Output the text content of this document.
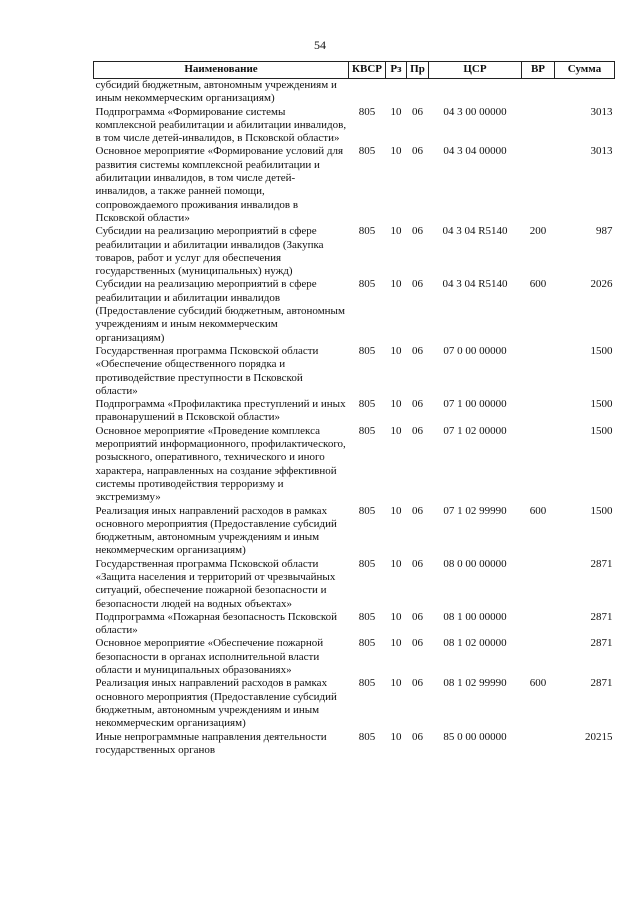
54
Наименование	КВСР	Рз	Пр	ЦСР	ВР	Сумма
субсидий бюджетным, автономным учреждениям и иным некоммерческим организациям)						
Подпрограмма «Формирование системы комплексной реабилитации и абилитации инвалидов, в том числе детей-инвалидов, в Псковской области»	805	10	06	04 3 00 00000		3013
Основное мероприятие «Формирование условий для развития системы комплексной реабилитации и абилитации инвалидов, в том числе детей-инвалидов, а также ранней помощи, сопровождаемого проживания инвалидов в Псковской области»	805	10	06	04 3 04 00000		3013
Субсидии на реализацию мероприятий в сфере реабилитации и абилитации инвалидов (Закупка товаров, работ и услуг для обеспечения государственных (муниципальных) нужд)	805	10	06	04 3 04 R5140	200	987
Субсидии на реализацию мероприятий в сфере реабилитации и абилитации инвалидов (Предоставление субсидий бюджетным, автономным учреждениям и иным некоммерческим организациям)	805	10	06	04 3 04 R5140	600	2026
Государственная программа Псковской области «Обеспечение общественного порядка и противодействие преступности в Псковской области»	805	10	06	07 0 00 00000		1500
Подпрограмма «Профилактика преступлений и иных правонарушений в Псковской области»	805	10	06	07 1 00 00000		1500
Основное мероприятие «Проведение комплекса мероприятий информационного, профилактического, розыскного, оперативного, технического и иного характера, направленных на создание эффективной системы противодействия терроризму и экстремизму»	805	10	06	07 1 02 00000		1500
Реализация иных направлений расходов в рамках основного мероприятия (Предоставление субсидий бюджетным, автономным учреждениям и иным некоммерческим организациям)	805	10	06	07 1 02 99990	600	1500
Государственная программа Псковской области «Защита населения и территорий от чрезвычайных ситуаций, обеспечение пожарной безопасности и безопасности людей на водных объектах»	805	10	06	08 0 00 00000		2871
Подпрограмма «Пожарная безопасность Псковской области»	805	10	06	08 1 00 00000		2871
Основное мероприятие «Обеспечение пожарной безопасности в органах исполнительной власти области и муниципальных образованиях»	805	10	06	08 1 02 00000		2871
Реализация иных направлений расходов в рамках основного мероприятия (Предоставление субсидий бюджетным, автономным учреждениям и иным некоммерческим организациям)	805	10	06	08 1 02 99990	600	2871
Иные непрограммные направления деятельности государственных органов	805	10	06	85 0 00 00000		20215
